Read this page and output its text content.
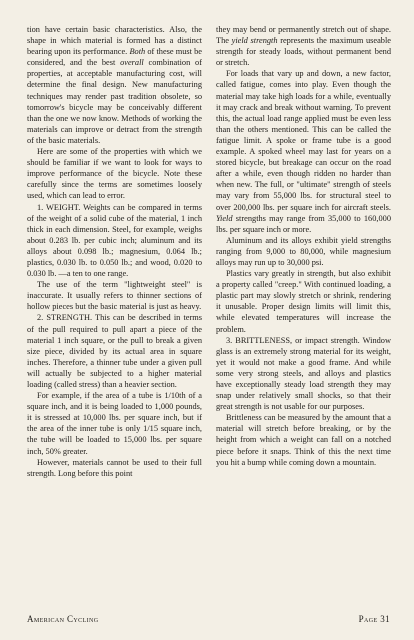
tion have certain basic characteristics. Also, the shape in which material is formed has a distinct bearing upon its performance. Both of these must be considered, and the best overall combination of properties, at acceptable manufacturing cost, will determine the final design. New manufacturing techniques may render past tradition obsolete, so tomorrow's bicycle may be conceivably different than the one we now know. Methods of working the materials can improve or detract from the strength of the basic materials.

Here are some of the properties with which we should be familiar if we want to look for ways to improve performance of the bicycle. Note these carefully since the terms are sometimes loosely used, which can lead to error.

1. WEIGHT. Weights can be compared in terms of the weight of a solid cube of the material, 1 inch thick in each dimension. Steel, for example, weighs about 0.283 lb. per cubic inch; aluminum and its alloys about 0.098 lb.; magnesium, 0.064 lb.; plastics, 0.030 lb. to 0.050 lb.; and wood, 0.020 to 0.030 lb. —a ten to one range.

The use of the term "lightweight steel" is inaccurate. It usually refers to thinner sections of hollow pieces but the basic material is just as heavy.

2. STRENGTH. This can be described in terms of the pull required to pull apart a piece of the material 1 inch square, or the pull to break a given size piece, divided by its actual area in square inches. Therefore, a thinner tube under a given pull will actually be subjected to a higher material loading (called stress) than a heavier section.

For example, if the area of a tube is 1/10th of a square inch, and it is being loaded to 1,000 pounds, it is stressed at 10,000 lbs. per square inch, but if the area of the inner tube is only 1/15 square inch, the tube will be loaded to 15,000 lbs. per square inch, 50% greater.

However, materials cannot be used to their full strength. Long before this point

they may bend or permanently stretch out of shape. The yield strength represents the maximum useable strength for steady loads, without permanent bend or stretch.

For loads that vary up and down, a new factor, called fatigue, comes into play. Even though the material may take high loads for a while, eventually it may crack and break without warning. To prevent this, the actual load range applied must be even less than the others mentioned. This can be called the fatigue limit. A spoke or frame tube is a good example. A spoked wheel may last for years on a stored bicycle, but breakage can occur on the road after a while, even though ridden no harder than when new. The full, or "ultimate" strength of steels may vary from 55,000 lbs. for structural steel to over 200,000 lbs. per square inch for aircraft steels. Yield strengths may range from 35,000 to 160,000 lbs. per square inch or more.

Aluminum and its alloys exhibit yield strengths ranging from 9,000 to 80,000, while magnesium alloys may run up to 30,000 psi.

Plastics vary greatly in strength, but also exhibit a property called "creep." With continued loading, a plastic part may slowly stretch or shrink, rendering it unusable. Proper design limits will limit this, while elevated temperatures will increase the problem.

3. BRITTLENESS, or impact strength. Window glass is an extremely strong material for its weight, yet it would not make a good frame. And while some very strong steels, and alloys and plastics have exceptionally steady load strength they may snap under relatively small shocks, so that their great strength is not usable for our purposes.

Brittleness can be measured by the amount that a material will stretch before breaking, or by the height from which a weight can fall on a notched piece before it snaps. Think of this the next time you hit a bump while coming down a mountain.

American Cycling	Page 31
